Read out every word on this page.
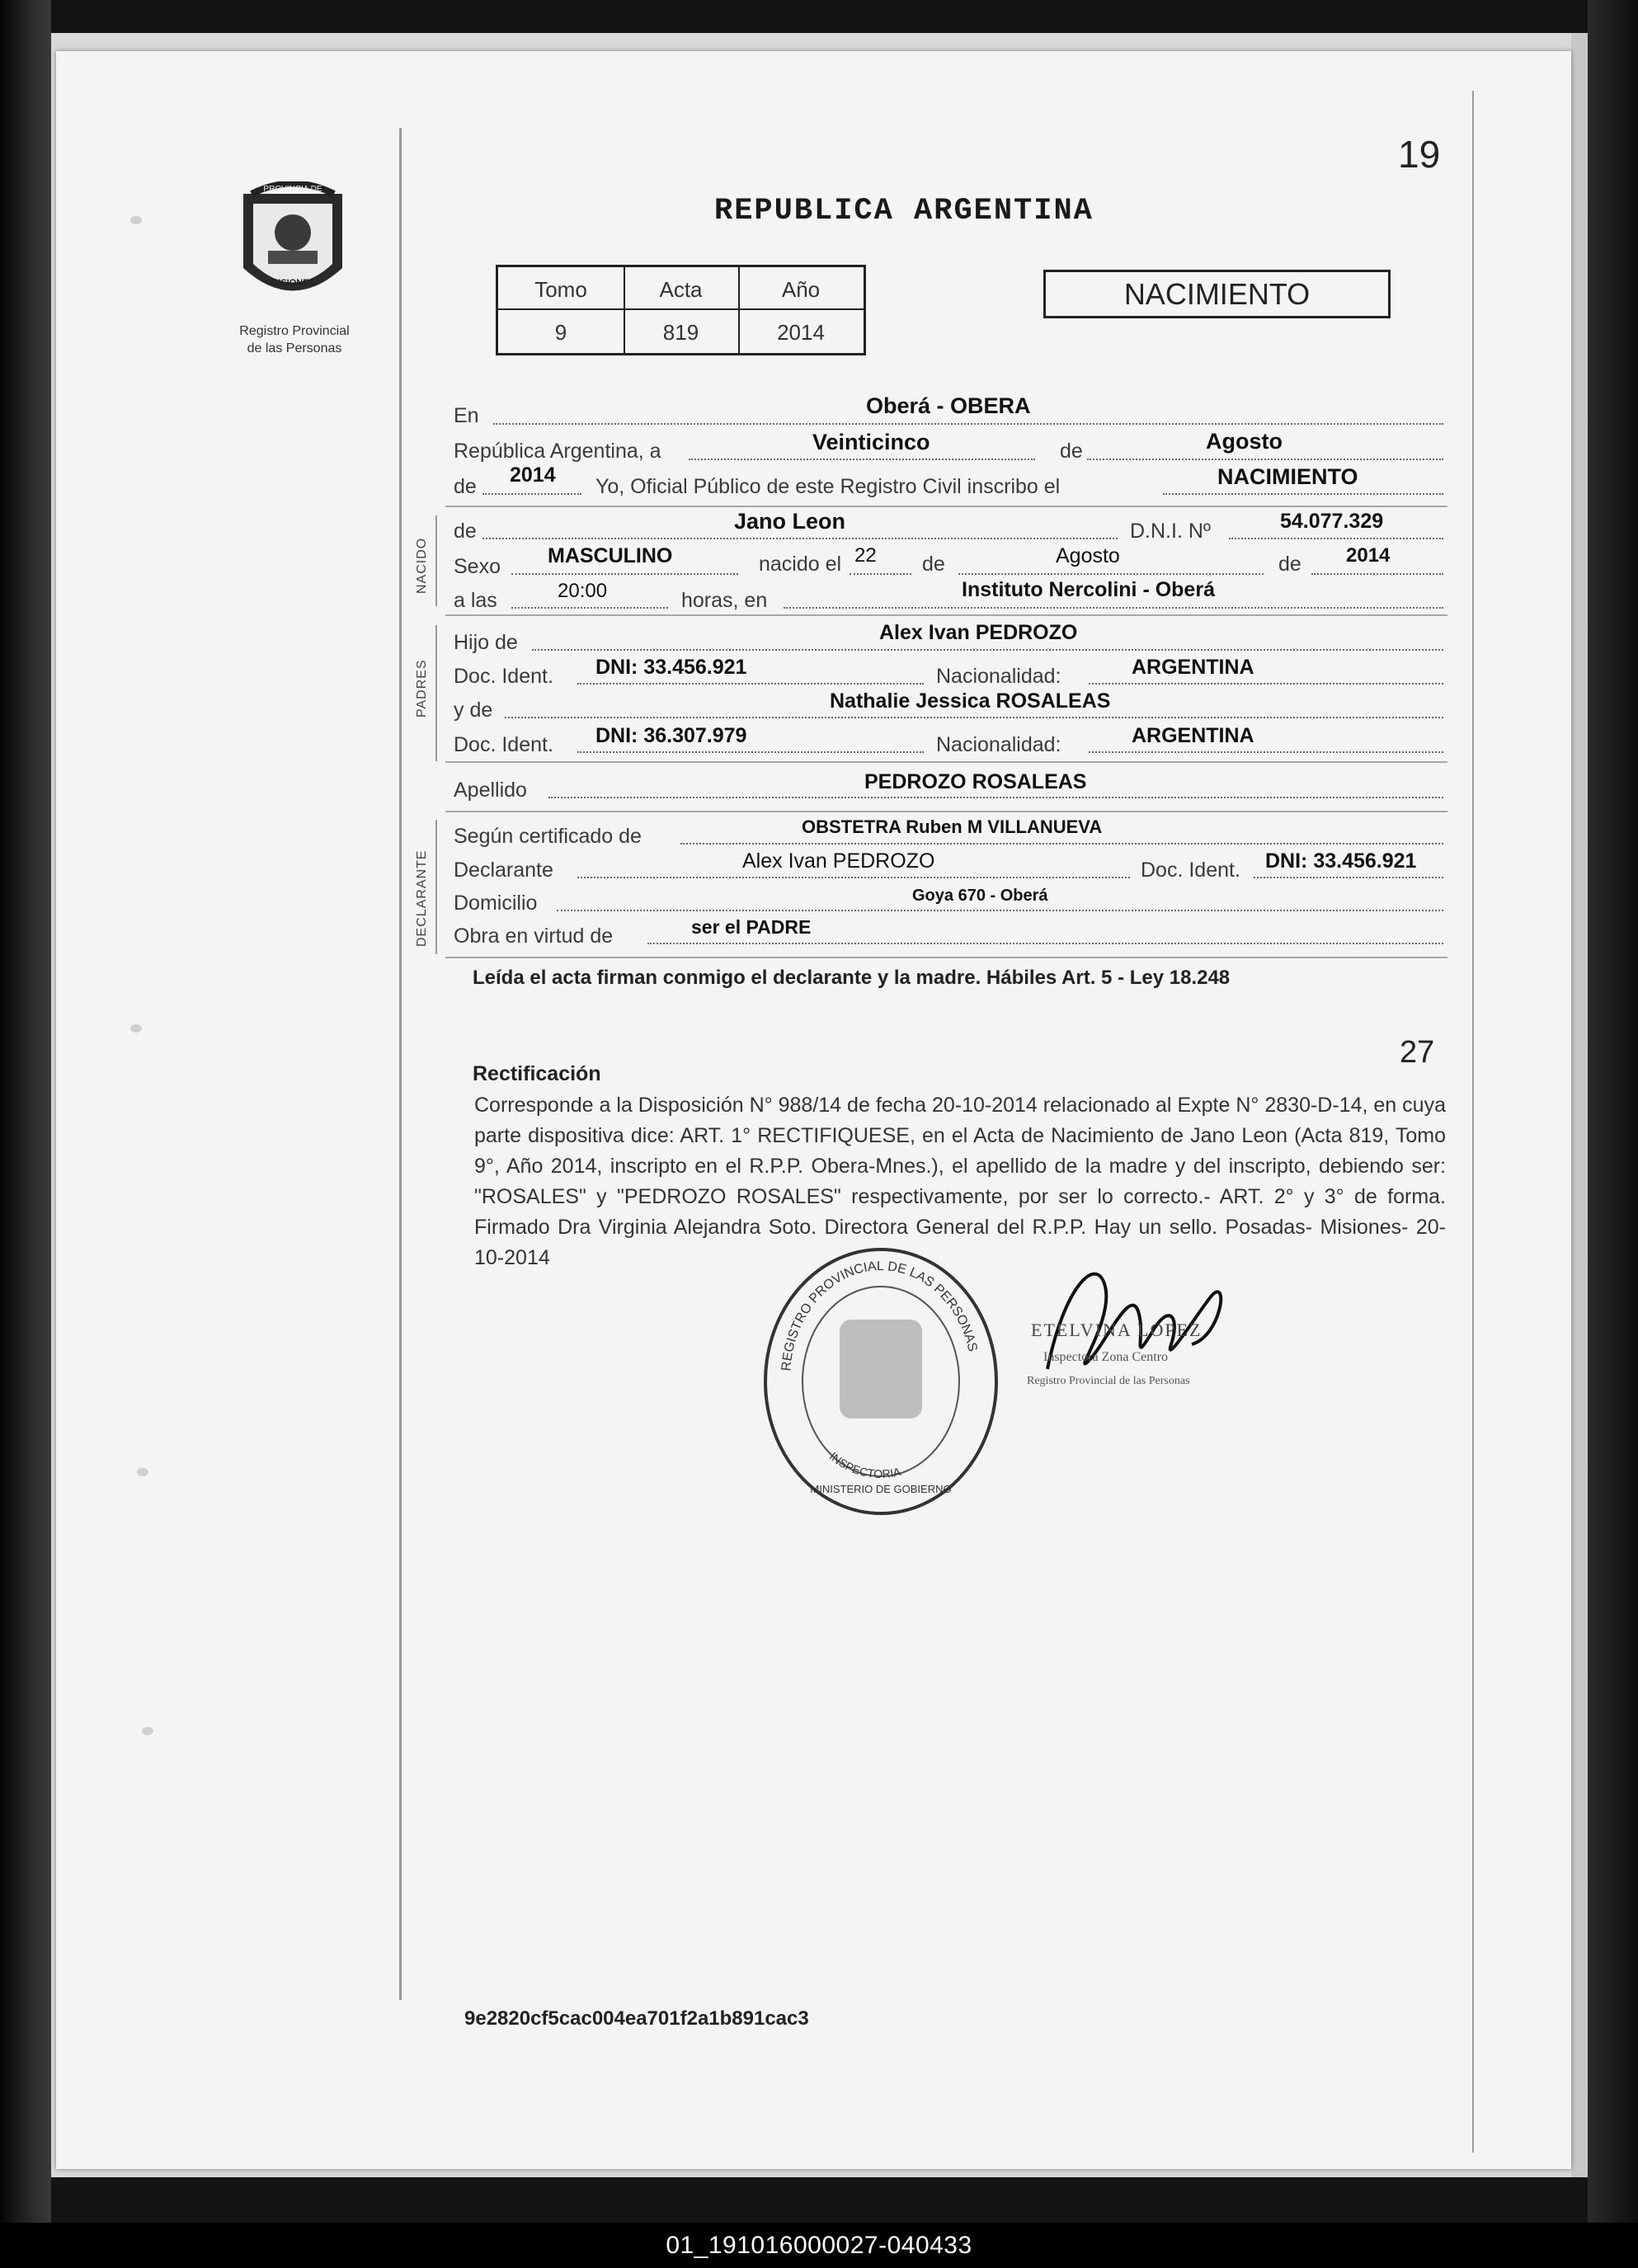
19
PROVINCIA DE
MISIONES
Registro Provincial
de las Personas
REPUBLICA ARGENTINA
Tomo	Acta	Año
9	819	2014
NACIMIENTO
En	Oberá - OBERA
República Argentina, a	Veinticinco	de	Agosto
de 2014 Yo, Oficial Público de este Registro Civil inscribo el	NACIMIENTO
NACIDO
de	Jano Leon	D.N.I. Nº	54.077.329
Sexo MASCULINO	nacido el 22 de	Agosto	de 2014
a las	20:00	horas, en	Instituto Nercolini - Oberá
PADRES
Hijo de	Alex Ivan PEDROZO
Doc. Ident. DNI: 33.456.921	Nacionalidad:	ARGENTINA
y de	Nathalie Jessica ROSALEAS
Doc. Ident. DNI: 36.307.979	Nacionalidad:	ARGENTINA
Apellido	PEDROZO ROSALEAS
DECLARANTE
Según certificado de	OBSTETRA Ruben M VILLANUEVA
Declarante	Alex Ivan PEDROZO	Doc. Ident. DNI: 33.456.921
Domicilio	Goya 670 - Oberá
Obra en virtud de	ser el PADRE
Leída el acta firman conmigo el declarante y la madre. Hábiles Art. 5 - Ley 18.248
27
Rectificación
Corresponde a la Disposición N° 988/14 de fecha 20-10-2014 relacionado al Expte N° 2830-D-14, en cuya parte dispositiva dice: ART. 1° RECTIFIQUESE, en el Acta de Nacimiento de Jano Leon (Acta 819, Tomo 9°, Año 2014, inscripto en el R.P.P. Obera-Mnes.), el apellido de la madre y del inscripto, debiendo ser: "ROSALES" y "PEDROZO ROSALES" respectivamente, por ser lo correcto.- ART. 2° y 3° de forma. Firmado Dra Virginia Alejandra Soto. Directora General del R.P.P. Hay un sello. Posadas- Misiones- 20-10-2014
REGISTRO PROVINCIAL DE LAS PERSONAS
INSPECTORIA
MINISTERIO DE GOBIERNO
ETELVINA LOPEZ
Inspectora Zona Centro
Registro Provincial de las Personas
9e2820cf5cac004ea701f2a1b891cac3
01_191016000027-040433
